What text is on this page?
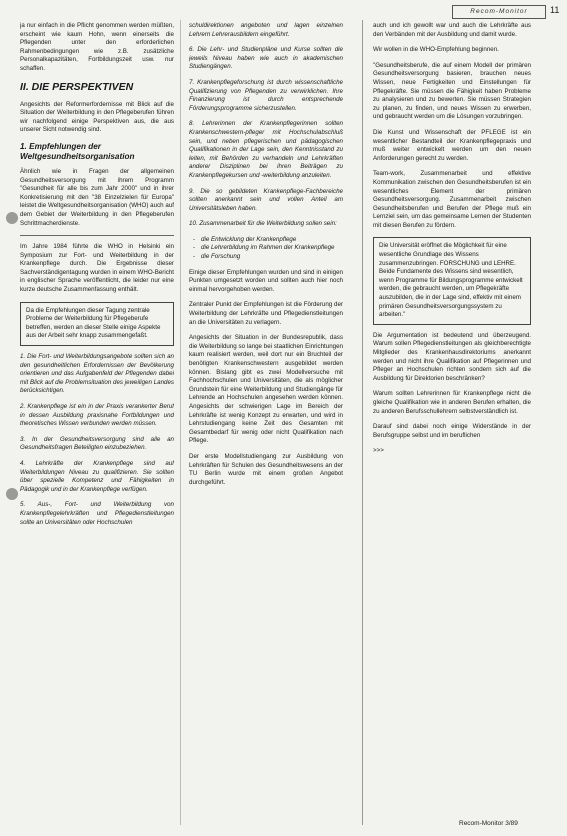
Recom-Monitor	11

ja nur einfach in die Pflicht genommen werden müßten, erscheint wie kaum Hohn, wenn einerseits die Pflegenden unter den erforderlichen Rahmenbedingungen wie z.B. zusätzliche Personalkapazitäten, Fortbildungszeit usw. nur schaffen.

II. DIE PERSPEKTIVEN

Angesichts der Reformerfordernisse mit Blick auf die Situation der Weiterbildung in den Pflegeberufen führen wir nachfolgend einige Perspektiven aus, die aus unserer Sicht notwendig sind.

1. Empfehlungen der
Weltgesundheitsorganisation

Ähnlich wie in Fragen der allgemeinen Gesundheitsversorgung mit ihrem Programm "Gesundheit für alle bis zum Jahr 2000" und in ihrer Konkretisierung mit den "38 Einzelzielen für Europa" leistet die Weltgesundheitsorganisation (WHO) auch auf dem Gebiet der Weiterbildung in den Pflegeberufen Schrittmacherdienste.

Im Jahre 1984 führte die WHO in Helsinki ein Symposium zur Fort- und Weiterbildung in der Krankenpflege durch. Die Ergebnisse dieser Sachverständigentagung wurden in einem WHO-Bericht in englischer Sprache veröffentlicht, die leider nur eine kurze deutsche Zusammenfassung enthält.

Da die Empfehlungen dieser Tagung zentrale Probleme der Weiterbildung für Pflegeberufe betreffen, werden an dieser Stelle einige Aspekte aus der Arbeit sehr knapp zusammengefaßt.

1. Die Fort- und Weiterbildungsangebote sollten sich an den gesundheitlichen Erfordernissen der Bevölkerung orientieren und das Aufgabenfeld der Pflegenden dabei mit Blick auf die Problemsituation des jeweiligen Landes berücksichtigen.

2. Krankenpflege ist ein in der Praxis verankerter Beruf in dessen Ausbildung praxisnahe Fortbildungen und theoretisches Wissen verbunden werden müssen.

3. In der Gesundheitsversorgung sind alle an Gesundheitsfragen Beteiligten einzubeziehen.

4. Lehrkräfte der Krankenpflege sind auf Weiterbildungen Niveau zu qualifizieren. Sie sollten über spezielle Kompetenz und Fähigkeiten in Pädagogik und in der Krankenpflege verfügen.

5. Aus-, Fort- und Weiterbildung von Krankenpflegelehrkräften und Pflegedienstleitungen sollte an Universitäten oder Hochschulen

schuldirektionen angeboten und lagen einzelnen Lehrern Lehrerausbildern eingeführt.

6. Die Lehr- und Studienpläne und Kurse sollten die jeweils Niveau haben wie auch in akademischen Studiengängen.

7. Krankenpflegeforschung ist durch wissenschaftliche Qualifizierung von Pflegenden zu verwirklichen. Ihre Finanzierung ist durch entsprechende Förderungsprogramme sicherzustellen.

8. Lehrerinnen der Krankenpflegerinnen sollten Krankenschwestern-pfleger mit Hochschulabschluß sein, und neben pflegerischen und pädagogischen Qualifikationen in der Lage sein, den Kenntnisstand zu leiten, mit Behörden zu verhandeln und Lehrkräften anderer Disziplinen bei ihren Beiträgen zu Krankenpflegekursen und -weiterbildung anzuleiten.

9. Die so gebildeten Krankenpflege-Fachbereiche sollten anerkannt sein und vollen Anteil am Universitätsleben haben.

10. Zusammenarbeit für die Weiterbildung sollen sein:

- die Entwicklung der Krankenpflege
- die Lehrerbildung im Rahmen der Krankenpflege
- die Forschung

Einige dieser Empfehlungen wurden und sind in einigen Punkten umgesetzt worden und sollten auch hier noch einmal hervorgehoben werden.

Zentraler Punkt der Empfehlungen ist die Förderung der Weiterbildung der Lehrkräfte und Pflegedienstleitungen an die Universitäten zu verlagern.

Angesichts der Situation in der Bundesrepublik, dass die Weiterbildung so lange bei staatlichen Einrichtungen kaum realisiert werden, weil dort nur ein Bruchteil der benötigten Krankenschwestern ausgebildet werden können. Bislang gibt es zwei Modellversuche mit Fachhochschulen und Universitäten, die als möglicher Grundstein für eine Weiterbildung und Studiengänge für Lehrende an Hochschulen angesehen werden können. Angesichts der schwierigen Lage im Bereich der Lehrkräfte ist wenig Konzept zu erwarten, und wird in Lehrstudiengang keine Zeit des Gesamten mit Gesamtbedarf für wenig oder nicht Qualifikation nach Pflege.

Der erste Modellstudiengang zur Ausbildung von Lehrkräften für Schulen des Gesundheitswesens an der TU Berlin wurde mit einem großen Angebot durchgeführt.

auch und ich gewollt war und auch die Lehrkräfte aus den Verbänden mit der Ausbildung und damit wurde.

Wir wollen in die WHO-Empfehlung beginnen.

"Gesundheitsberufe, die auf einem Modell der primären Gesundheitsversorgung basieren, brauchen neues Wissen, neue Fertigkeiten und Einstellungen für Pflegekräfte. Sie müssen die Fähigkeit haben Probleme zu analysieren und zu bewerten. Sie müssen Strategien zu planen, zu finden, und neues Wissen zu erwerben, und gebraucht werden um die Lösungen vorzubringen.

Die Kunst und Wissenschaft der PFLEGE ist ein wesentlicher Bestandteil der Krankenpflegepraxis und muß weiter entwickelt werden um den neuen Anforderungen gerecht zu werden.

Team-work, Zusammenarbeit und effektive Kommunikation zwischen den Gesundheitsberufen ist ein wesentliches Element der primären Gesundheitsversorgung. Zusammenarbeit zwischen Gesundheitsberufen und Berufen der Pflege muß ein Lernziel sein, um das gemeinsame Lernen der Studenten mit diesen Berufen zu fördern.

Die Universität eröffnet die Möglichkeit für eine wesentliche Grundlage des Wissens zusammenzubringen. FORSCHUNG und LEHRE. Beide Fundamente des Wissens sind wesentlich, wenn Programme für Bildungsprogramme entwickelt werden, die gebraucht werden, um Pflegekräfte auszubilden, die in der Lage sind, effektiv mit einem primären Gesundheitsversorgungssystem zu arbeiten."

Die Argumentation ist bedeutend und überzeugend. Warum sollen Pflegedienstleitungen als gleichberechtigte Mitglieder des Krankenhausdirektoriums anerkannt werden und nicht ihre Qualifikation auf Pflegerinnen und Pfleger an Hochschulen richten sondern sich auf die Ausbildung für Direktorien beschränken?

Warum sollten Lehrerinnen für Krankenpflege nicht die gleiche Qualifikation wie in anderen Berufen erhalten, die zu anderen Berufsschullehrern selbstverständlich ist.

Darauf sind dabei noch einige Widerstände in der Berufsgruppe selbst und im beruflichen

>>>

Recom-Monitor 3/89
